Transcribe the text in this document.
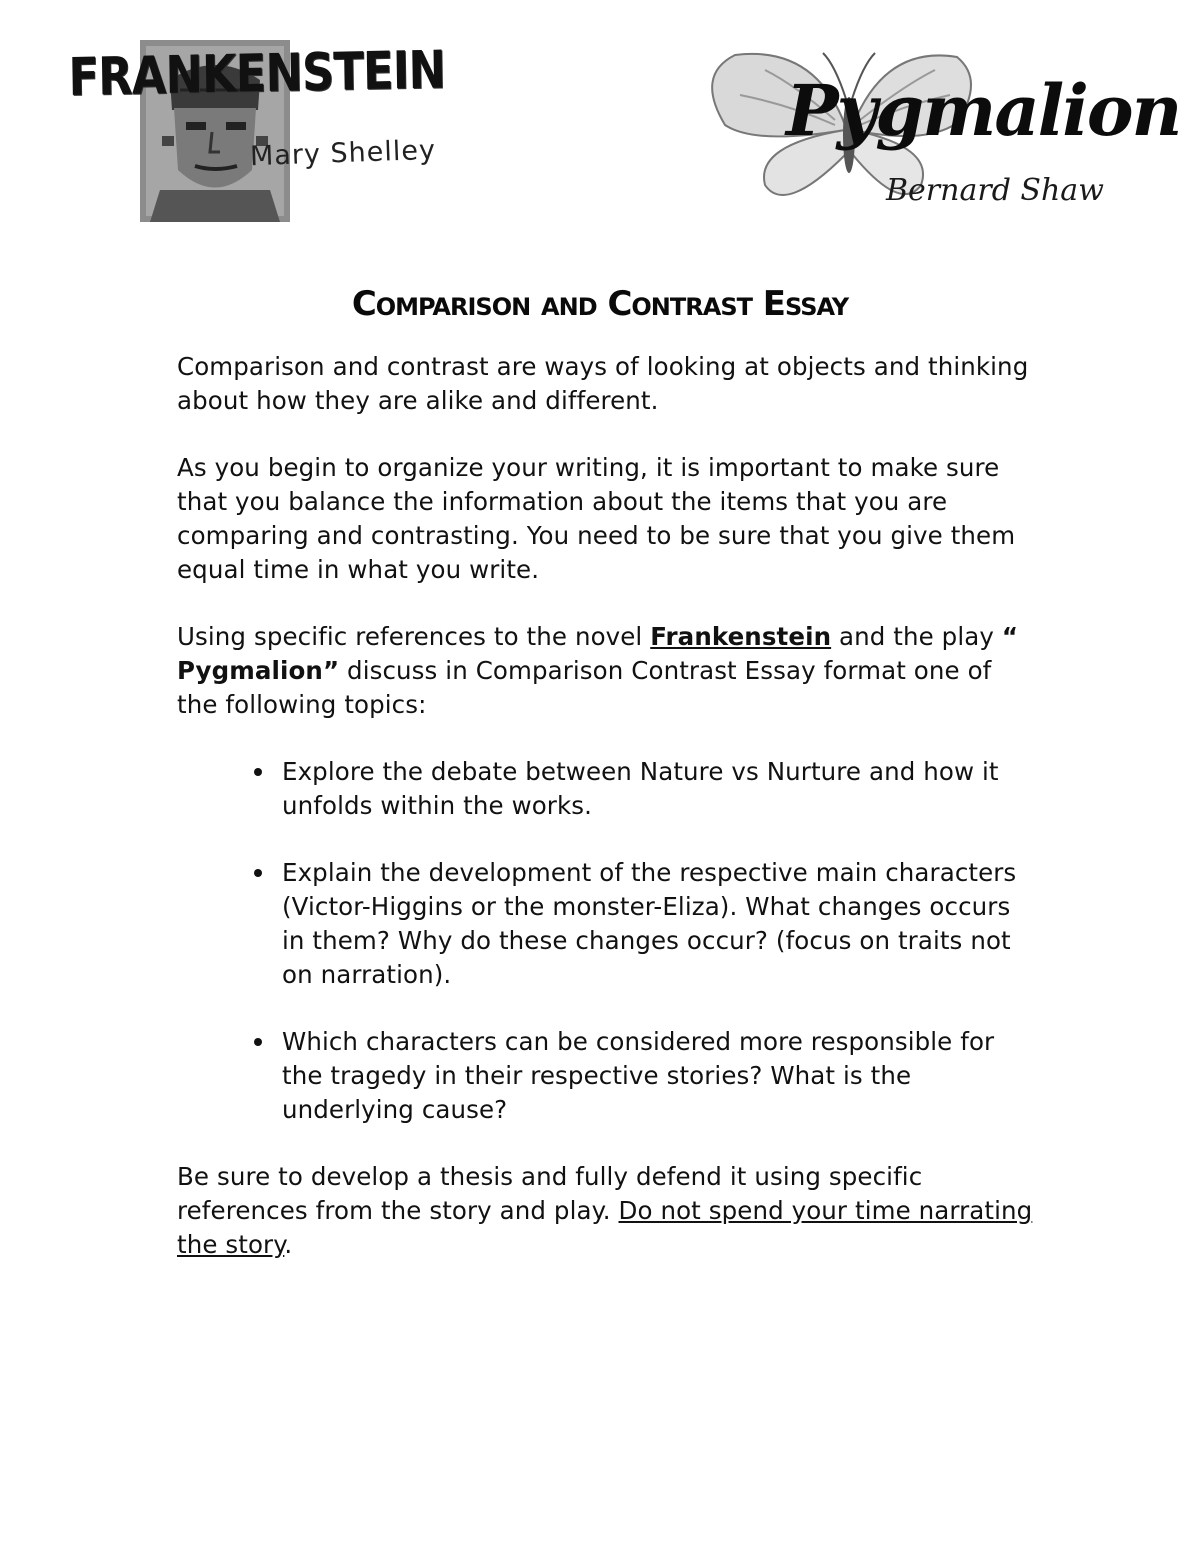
FRANKENSTEIN
Mary Shelley
Pygmalion
Bernard Shaw
Comparison and Contrast Essay

Comparison and contrast are ways of looking at objects and thinking about how they are alike and different.

As you begin to organize your writing, it is important to make sure that you balance the information about the items that you are comparing and contrasting. You need to be sure that you give them equal time in what you write.

Using specific references to the novel Frankenstein and the play “ Pygmalion” discuss in Comparison Contrast Essay format one of the following topics:

Explore the debate between Nature vs Nurture and how it unfolds within the works.
Explain the development of the respective main characters (Victor-Higgins or the monster-Eliza). What changes occurs in them? Why do these changes occur? (focus on traits not on narration).
Which characters can be considered more responsible for the tragedy in their respective stories? What is the underlying cause?

Be sure to develop a thesis and fully defend it using specific references from the story and play. Do not spend your time narrating the story.
